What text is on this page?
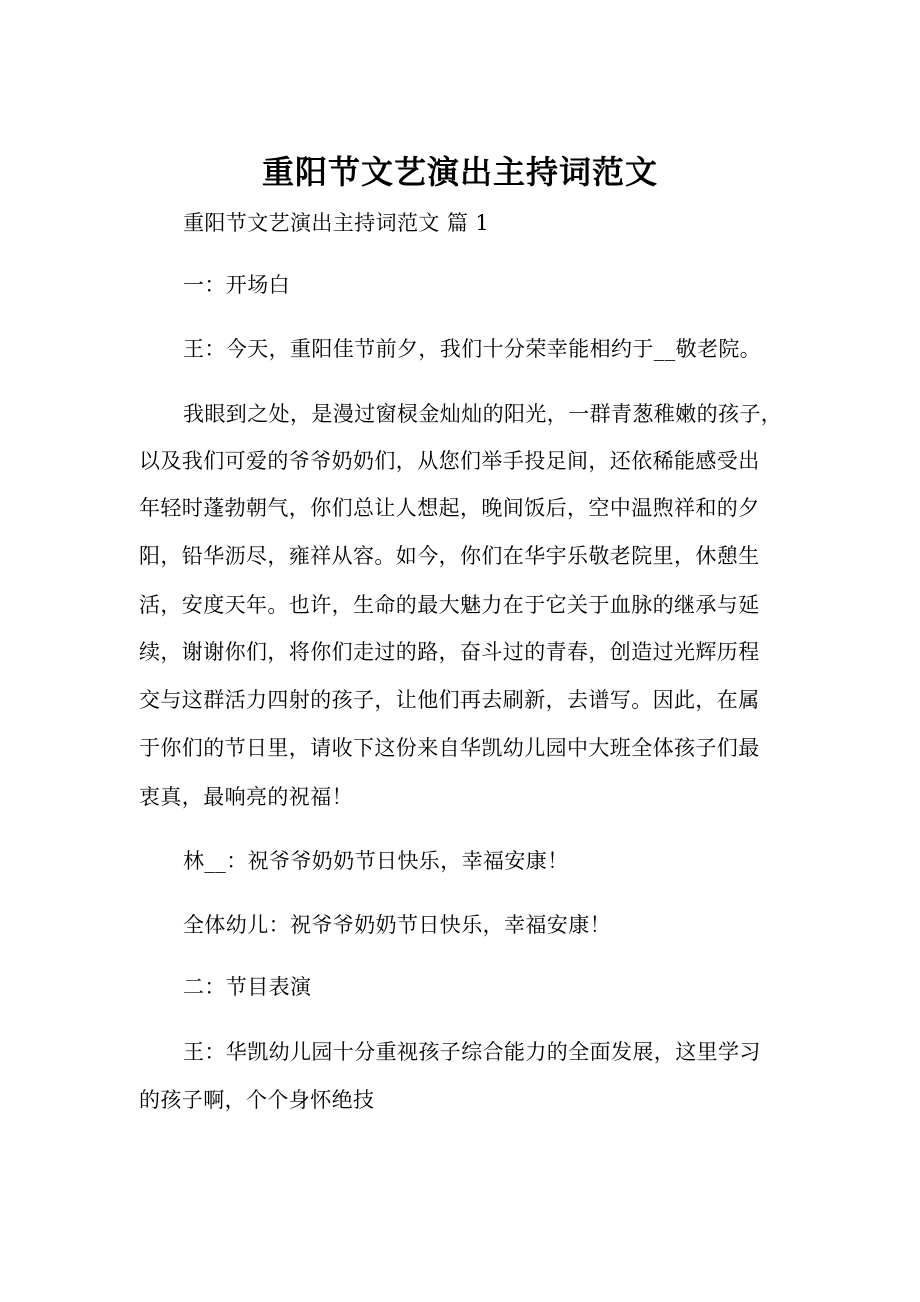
重阳节文艺演出主持词范文
重阳节文艺演出主持词范文 篇 1
一：开场白
王：今天，重阳佳节前夕，我们十分荣幸能相约于__敬老院。
我眼到之处，是漫过窗棂金灿灿的阳光，一群青葱稚嫩的孩子，
以及我们可爱的爷爷奶奶们，从您们举手投足间，还依稀能感受出
年轻时蓬勃朝气，你们总让人想起，晚间饭后，空中温煦祥和的夕
阳，铅华沥尽，雍祥从容。如今，你们在华宇乐敬老院里，休憩生
活，安度天年。也许，生命的最大魅力在于它关于血脉的继承与延
续，谢谢你们，将你们走过的路，奋斗过的青春，创造过光辉历程
交与这群活力四射的孩子，让他们再去刷新，去谱写。因此，在属
于你们的节日里，请收下这份来自华凯幼儿园中大班全体孩子们最
衷真，最响亮的祝福！
林__：祝爷爷奶奶节日快乐，幸福安康！
全体幼儿：祝爷爷奶奶节日快乐，幸福安康！
二：节目表演
王：华凯幼儿园十分重视孩子综合能力的全面发展，这里学习
的孩子啊，个个身怀绝技
